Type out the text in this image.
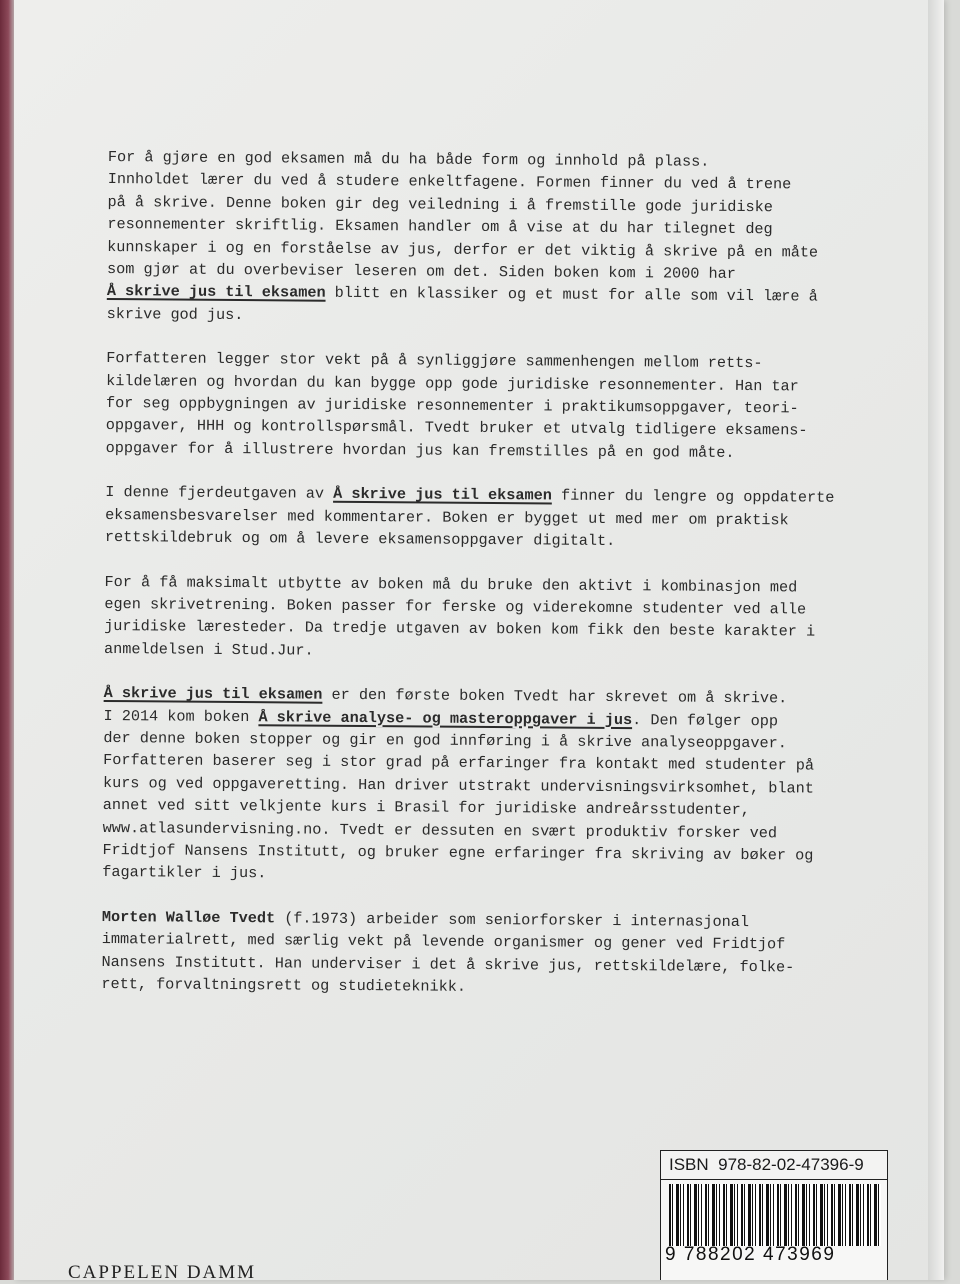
For å gjøre en god eksamen må du ha både form og innhold på plass.

Innholdet lærer du ved å studere enkeltfagene. Formen finner du ved å trene

på å skrive. Denne boken gir deg veiledning i å fremstille gode juridiske

resonnementer skriftlig. Eksamen handler om å vise at du har tilegnet deg

kunnskaper i og en forståelse av jus, derfor er det viktig å skrive på en måte

som gjør at du overbeviser leseren om det. Siden boken kom i 2000 har

Å skrive jus til eksamen blitt en klassiker og et must for alle som vil lære å

skrive god jus.

Forfatteren legger stor vekt på å synliggjøre sammenhengen mellom retts-

kildelæren og hvordan du kan bygge opp gode juridiske resonnementer. Han tar

for seg oppbygningen av juridiske resonnementer i praktikumsoppgaver, teori-

oppgaver, HHH og kontrollspørsmål. Tvedt bruker et utvalg tidligere eksamens-

oppgaver for å illustrere hvordan jus kan fremstilles på en god måte.

I denne fjerdeutgaven av Å skrive jus til eksamen finner du lengre og oppdaterte

eksamensbesvarelser med kommentarer. Boken er bygget ut med mer om praktisk

rettskildebruk og om å levere eksamensoppgaver digitalt.

For å få maksimalt utbytte av boken må du bruke den aktivt i kombinasjon med

egen skrivetrening. Boken passer for ferske og viderekomne studenter ved alle

juridiske læresteder. Da tredje utgaven av boken kom fikk den beste karakter i

anmeldelsen i Stud.Jur.

Å skrive jus til eksamen er den første boken Tvedt har skrevet om å skrive.

I 2014 kom boken Å skrive analyse- og masteroppgaver i jus. Den følger opp

der denne boken stopper og gir en god innføring i å skrive analyseoppgaver.

Forfatteren baserer seg i stor grad på erfaringer fra kontakt med studenter på

kurs og ved oppgaveretting. Han driver utstrakt undervisningsvirksomhet, blant

annet ved sitt velkjente kurs i Brasil for juridiske andreårsstudenter,

www.atlasundervisning.no. Tvedt er dessuten en svært produktiv forsker ved

Fridtjof Nansens Institutt, og bruker egne erfaringer fra skriving av bøker og

fagartikler i jus.

Morten Walløe Tvedt (f.1973) arbeider som seniorforsker i internasjonal

immaterialrett, med særlig vekt på levende organismer og gener ved Fridtjof

Nansens Institutt. Han underviser i det å skrive jus, rettskildelære, folke-

rett, forvaltningsrett og studieteknikk.

ISBN  978-82-02-47396-9
9 788202 473969
CAPPELEN DAMM
